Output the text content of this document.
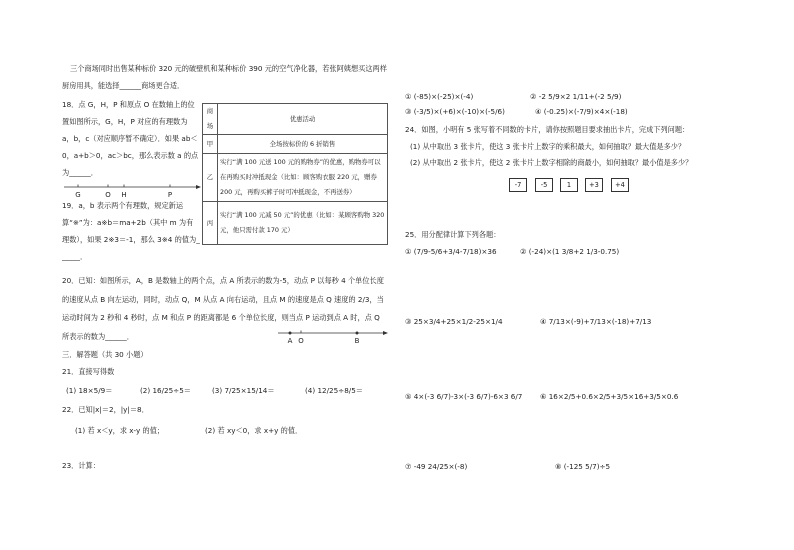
三个商场同时出售某种标价 320 元的破壁机和某种标价 390 元的空气净化器，若张阿姨想买这两样厨房用具，能选择______商场更合适．
18．点 G，H，P 和原点 O 在数轴上的位置如图所示，G，H，P 对应的有理数为 a，b，c（对应顺序暂不确定）．如果 ab＜0，a+b＞0，ac＞bc，那么表示数 a 的点为______．
G	O H	P
商场	优惠活动
甲	全场按标价的 6 折销售
乙	实行“满 100 元送 100 元的购物券”的优惠，购物券可以在再购买时冲抵现金（比如：顾客购衣服 220 元，赠券 200 元，再购买裤子时可冲抵现金，不再送券）
丙	实行“满 100 元减 50 元”的优惠（比如：某顾客购物 320 元，他只需付款 170 元）
19．a，b 表示两个有理数，规定新运算“※”为：a※b＝ma+2b（其中 m 为有理数），如果 2※3＝-1，那么 3※4 的值为______．
20．已知：如图所示，A，B 是数轴上的两个点，点 A 所表示的数为-5，动点 P 以每秒 4 个单位长度的速度从点 B 向左运动，同时，动点 Q，M 从点 A 向右运动，且点 M 的速度是点 Q 速度的 2/3，当运动时间为 2 秒和 4 秒时，点 M 和点 P 的距离都是 6 个单位长度，则当点 P 运动到点 A 时，点 Q 所表示的数为______．	A O	B
三．解答题（共 30 小题）
21．直接写得数
(1) 18×5/9＝	(2) 16/25÷5＝	(3) 7/25×15/14＝	(4) 12/25÷8/5＝
22．已知|x|＝2，|y|＝8．
(1) 若 x＜y，求 x-y 的值；	(2) 若 xy＜0，求 x+y 的值．
23．计算：
① (-85)×(-25)×(-4)	② -2 5/9×2 1/11+(-2 5/9)
③ (-3/5)×(+6)×(-10)×(-5/6)	④ (-0.25)×(-7/9)×4×(-18)
24．如图，小明有 5 张写着不同数的卡片，请你按照题目要求抽出卡片，完成下列问题：
(1) 从中取出 3 张卡片，使这 3 张卡片上数字的乘积最大，如何抽取？最大值是多少？
(2) 从中取出 2 张卡片，使这 2 张卡片上数字相除的商最小，如何抽取？最小值是多少？
-7	-5	1	+3	+4
25．用分配律计算下列各题：
① (7/9-5/6+3/4-7/18)×36	② (-24)×(1 3/8+2 1/3-0.75)
③ 25×3/4+25×1/2-25×1/4	④ 7/13×(-9)+7/13×(-18)+7/13
⑤ 4×(-3 6/7)-3×(-3 6/7)-6×3 6/7 ⑥ 16×2/5+0.6×2/5+3/5×16+3/5×0.6
⑦ -49 24/25×(-8)	⑧ (-125 5/7)÷5
